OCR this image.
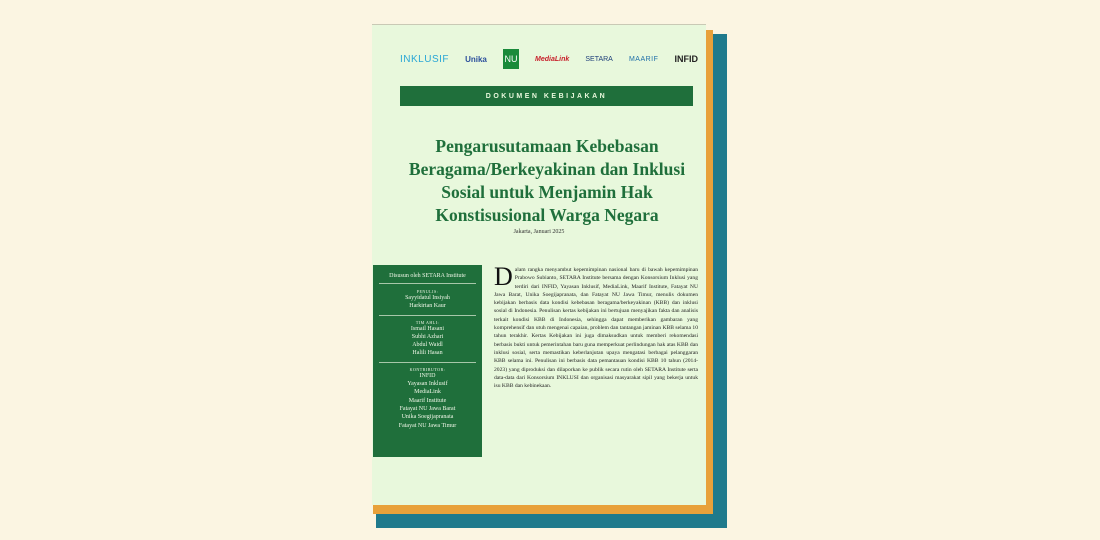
INKLUSIF Unika NU	MediaLink SETARA MAARIF INFID
DOKUMEN KEBIJAKAN
Pengarusutamaan Kebebasan Beragama/Berkeyakinan dan Inklusi Sosial untuk Menjamin Hak Konstisusional Warga Negara
Jakarta, Januari 2025
Disusun oleh SETARA Institute
PENULIS:
Sayyidatul Insiyah
Harkirtan Kaur
TIM AHLI:
Ismail Hasani
Subhi Azhari
Abdul Waidl
Halili Hasan
KONTRIBUTOR:
INFID
Yayasan Inklusif
MediaLink
Maarif Institute
Fatayat NU Jawa Barat
Unika Soegijapranata
Fatayat NU Jawa Timur

Dalam rangka menyambut kepemimpinan nasional baru di bawah kepemimpinan Prabowo Subianto, SETARA Institute bersama dengan Konsorsium Inklusi yang terdiri dari INFID, Yayasan Inklusif, MediaLink, Maarif Institute, Fatayat NU Jawa Barat, Unika Soegijapranata, dan Fatayat NU Jawa Timur, menulis dokumen kebijakan berbasis data kondisi kebebasan beragama/berkeyakinan (KBB) dan inklusi sosial di Indonesia. Penulisan kertas kebijakan ini bertujuan menyajikan fakta dan analisis terkait kondisi KBB di Indonesia, sehingga dapat memberikan gambaran yang komprehensif dan utuh mengenai capaian, problem dan tantangan jaminan KBB selama 10 tahun terakhir. Kertas Kebijakan ini juga dimaksudkan untuk memberi rekomendasi berbasis bukti untuk pemerintahan baru guna memperkuat perlindungan hak atas KBB dan inklusi sosial, serta memastikan keberlanjutan upaya mengatasi berbagai pelanggaran KBB selama ini. Penulisan ini berbasis data pemantauan kondisi KBB 10 tahun (2014-2023) yang diproduksi dan dilaporkan ke publik secara rutin oleh SETARA Institute serta data-data dari Konsorsium INKLUSI dan organisasi masyarakat sipil yang bekerja untuk isu KBB dan kebinekaan.
